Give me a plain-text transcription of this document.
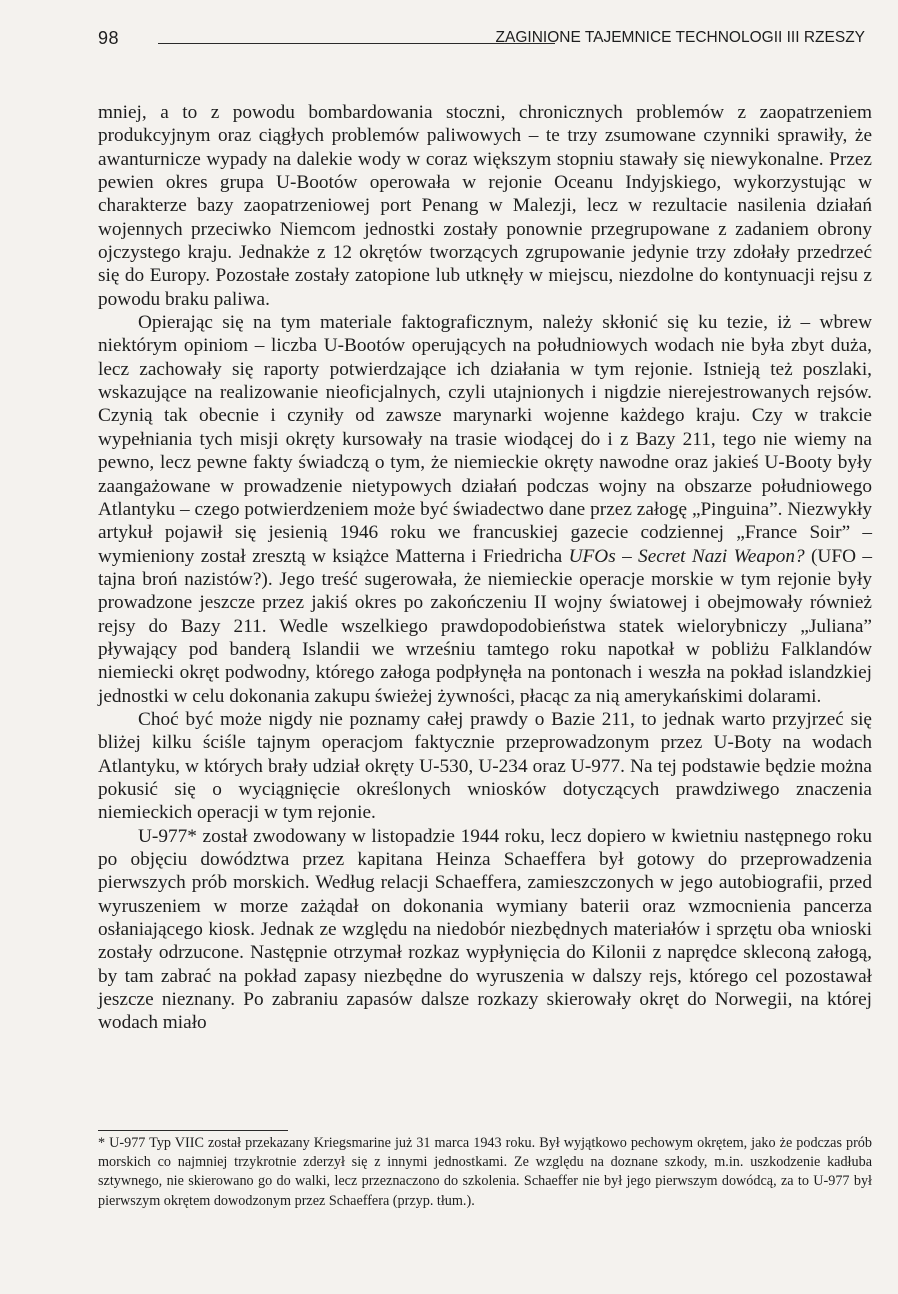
98	ZAGINIONE TAJEMNICE TECHNOLOGII III RZESZY

mniej, a to z powodu bombardowania stoczni, chronicznych problemów z zaopatrzeniem produkcyjnym oraz ciągłych problemów paliwowych – te trzy zsumowane czynniki sprawiły, że awanturnicze wypady na dalekie wody w coraz większym stopniu stawały się niewykonalne. Przez pewien okres grupa U-Bootów operowała w rejonie Oceanu Indyjskiego, wykorzystując w charakterze bazy zaopatrzeniowej port Penang w Malezji, lecz w rezultacie nasilenia działań wojennych przeciwko Niemcom jednostki zostały ponownie przegrupowane z zadaniem obrony ojczystego kraju. Jednakże z 12 okrętów tworzących zgrupowanie jedynie trzy zdołały przedrzeć się do Europy. Pozostałe zostały zatopione lub utknęły w miejscu, niezdolne do kontynuacji rejsu z powodu braku paliwa.

Opierając się na tym materiale faktograficznym, należy skłonić się ku tezie, iż – wbrew niektórym opiniom – liczba U-Bootów operujących na południowych wodach nie była zbyt duża, lecz zachowały się raporty potwierdzające ich działania w tym rejonie. Istnieją też poszlaki, wskazujące na realizowanie nieoficjalnych, czyli utajnionych i nigdzie nierejestrowanych rejsów. Czynią tak obecnie i czyniły od zawsze marynarki wojenne każdego kraju. Czy w trakcie wypełniania tych misji okręty kursowały na trasie wiodącej do i z Bazy 211, tego nie wiemy na pewno, lecz pewne fakty świadczą o tym, że niemieckie okręty nawodne oraz jakieś U-Booty były zaangażowane w prowadzenie nietypowych działań podczas wojny na obszarze południowego Atlantyku – czego potwierdzeniem może być świadectwo dane przez załogę „Pinguina”. Niezwykły artykuł pojawił się jesienią 1946 roku we francuskiej gazecie codziennej „France Soir” – wymieniony został zresztą w książce Matterna i Friedricha UFOs – Secret Nazi Weapon? (UFO – tajna broń nazistów?). Jego treść sugerowała, że niemieckie operacje morskie w tym rejonie były prowadzone jeszcze przez jakiś okres po zakończeniu II wojny światowej i obejmowały również rejsy do Bazy 211. Wedle wszelkiego prawdopodobieństwa statek wielorybniczy „Juliana” pływający pod banderą Islandii we wrześniu tamtego roku napotkał w pobliżu Falklandów niemiecki okręt podwodny, którego załoga podpłynęła na pontonach i weszła na pokład islandzkiej jednostki w celu dokonania zakupu świeżej żywności, płacąc za nią amerykańskimi dolarami.

Choć być może nigdy nie poznamy całej prawdy o Bazie 211, to jednak warto przyjrzeć się bliżej kilku ściśle tajnym operacjom faktycznie przeprowadzonym przez U-Boty na wodach Atlantyku, w których brały udział okręty U-530, U-234 oraz U-977. Na tej podstawie będzie można pokusić się o wyciągnięcie określonych wniosków dotyczących prawdziwego znaczenia niemieckich operacji w tym rejonie.

U-977* został zwodowany w listopadzie 1944 roku, lecz dopiero w kwietniu następnego roku po objęciu dowództwa przez kapitana Heinza Schaeffera był gotowy do przeprowadzenia pierwszych prób morskich. Według relacji Schaeffera, zamieszczonych w jego autobiografii, przed wyruszeniem w morze zażądał on dokonania wymiany baterii oraz wzmocnienia pancerza osłaniającego kiosk. Jednak ze względu na niedobór niezbędnych materiałów i sprzętu oba wnioski zostały odrzucone. Następnie otrzymał rozkaz wypłynięcia do Kilonii z naprędce skleconą załogą, by tam zabrać na pokład zapasy niezbędne do wyruszenia w dalszy rejs, którego cel pozostawał jeszcze nieznany. Po zabraniu zapasów dalsze rozkazy skierowały okręt do Norwegii, na której wodach miało

* U-977 Typ VIIC został przekazany Kriegsmarine już 31 marca 1943 roku. Był wyjątkowo pechowym okrętem, jako że podczas prób morskich co najmniej trzykrotnie zderzył się z innymi jednostkami. Ze względu na doznane szkody, m.in. uszkodzenie kadłuba sztywnego, nie skierowano go do walki, lecz przeznaczono do szkolenia. Schaeffer nie był jego pierwszym dowódcą, za to U-977 był pierwszym okrętem dowodzonym przez Schaeffera (przyp. tłum.).
